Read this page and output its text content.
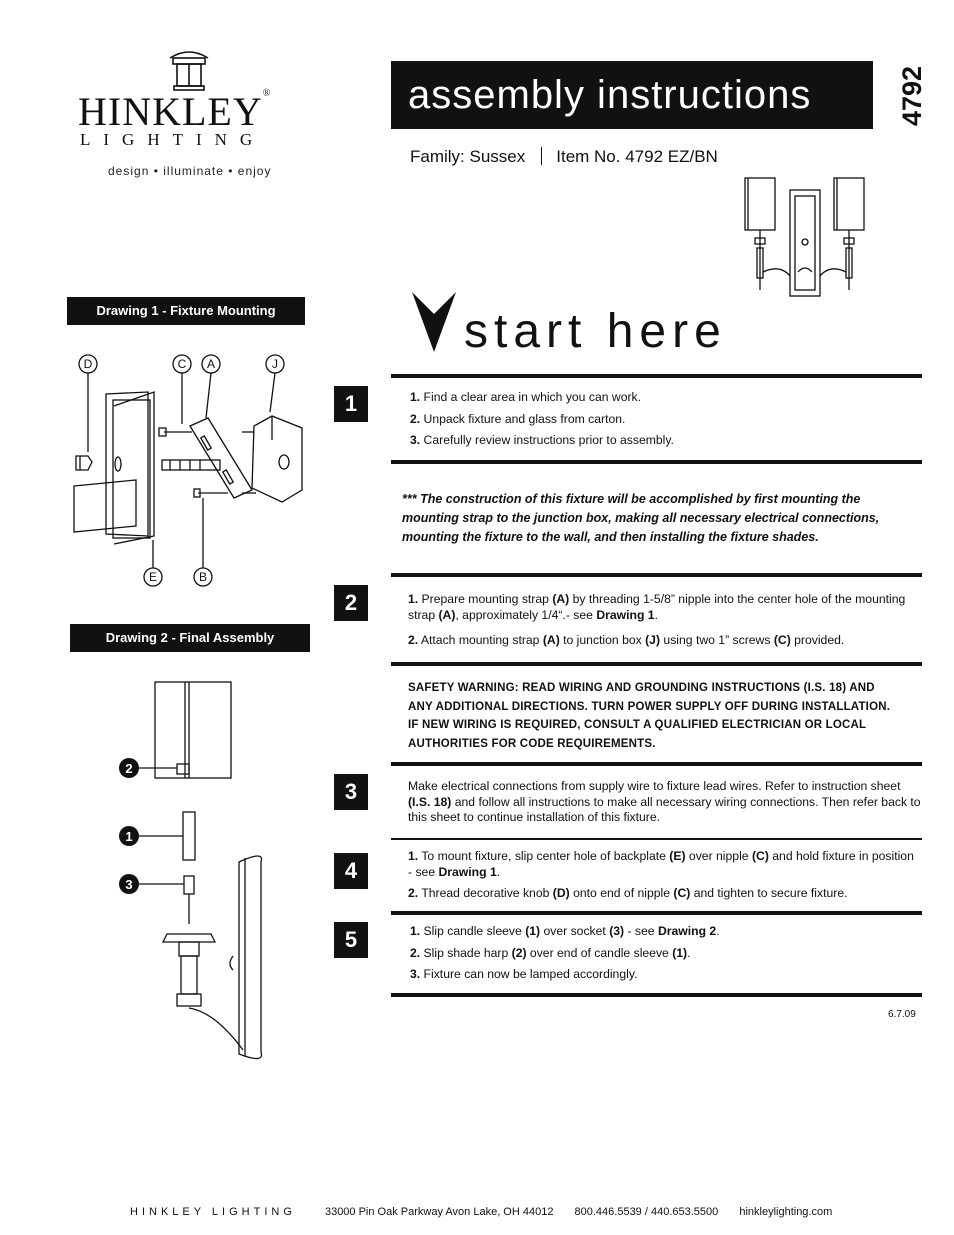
HINKLEY®
LIGHTING
design • illuminate • enjoy
assembly instructions	4792
Family: Sussex Item No. 4792 EZ/BN
start here
Drawing 1 - Fixture Mounting
D	C A	J
E	B
Drawing 2 - Final Assembly
2
1
3
1	1. Find a clear area in which you can work.

2. Unpack fixture and glass from carton.

3. Carefully review instructions prior to assembly.

*** The construction of this fixture will be accomplished by first mounting the mounting strap to the junction box, making all necessary electrical connections, mounting the fixture to the wall, and then installing the fixture shades.
2	1. Prepare mounting strap (A) by threading 1-5/8” nipple into the center hole of the mounting strap (A), approximately 1/4“.- see Drawing 1.

2. Attach mounting strap (A) to junction box (J) using two 1” screws (C) provided.

SAFETY WARNING: READ WIRING AND GROUNDING INSTRUCTIONS (I.S. 18) AND ANY ADDITIONAL DIRECTIONS. TURN POWER SUPPLY OFF DURING INSTALLATION. IF NEW WIRING IS REQUIRED, CONSULT A QUALIFIED ELECTRICIAN OR LOCAL AUTHORITIES FOR CODE REQUIREMENTS.
3	Make electrical connections from supply wire to fixture lead wires. Refer to instruction sheet (I.S. 18) and follow all instructions to make all necessary wiring connections. Then refer back to this sheet to continue installation of this fixture.
4

1. To mount fixture, slip center hole of backplate (E) over nipple (C) and hold fixture in position - see Drawing 1.

2. Thread decorative knob (D) onto end of nipple (C) and tighten to secure fixture.

5	1. Slip candle sleeve (1) over socket (3) - see Drawing 2.

2. Slip shade harp (2) over end of candle sleeve (1).

3. Fixture can now be lamped accordingly.

6.7.09
HINKLEY LIGHTING	33000 Pin Oak Parkway Avon Lake, OH 44012 800.446.5539 / 440.653.5500 hinkleylighting.com
